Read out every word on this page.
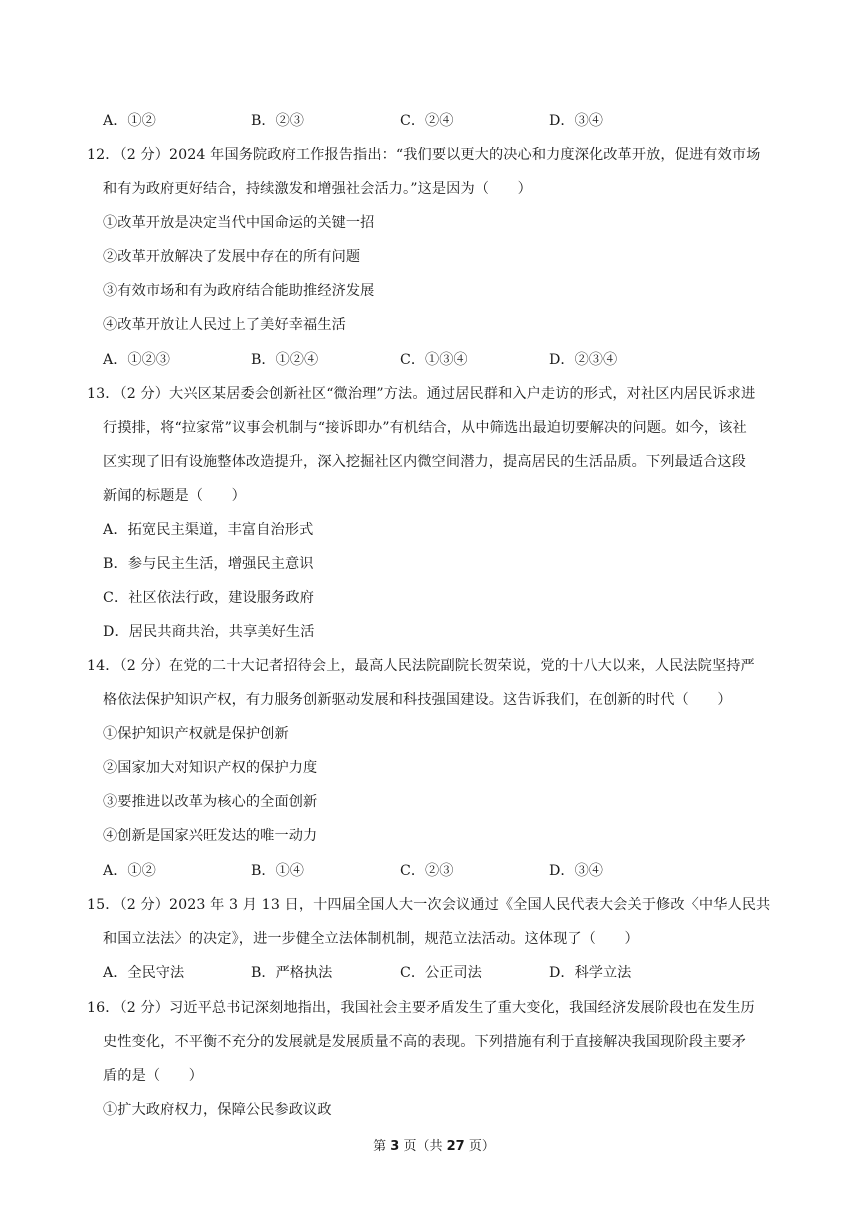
A．①②	B．②③	C．②④	D．③④
12．（2 分）2024 年国务院政府工作报告指出：“我们要以更大的决心和力度深化改革开放，促进有效市场
和有为政府更好结合，持续激发和增强社会活力。”这是因为（　　）
①改革开放是决定当代中国命运的关键一招
②改革开放解决了发展中存在的所有问题
③有效市场和有为政府结合能助推经济发展
④改革开放让人民过上了美好幸福生活
A．①②③	B．①②④	C．①③④	D．②③④
13．（2 分）大兴区某居委会创新社区“微治理”方法。通过居民群和入户走访的形式，对社区内居民诉求进
行摸排，将“拉家常”议事会机制与“接诉即办”有机结合，从中筛选出最迫切要解决的问题。如今，该社
区实现了旧有设施整体改造提升，深入挖掘社区内微空间潜力，提高居民的生活品质。下列最适合这段
新闻的标题是（　　）
A．拓宽民主渠道，丰富自治形式
B．参与民主生活，增强民主意识
C．社区依法行政，建设服务政府
D．居民共商共治，共享美好生活
14．（2 分）在党的二十大记者招待会上，最高人民法院副院长贺荣说，党的十八大以来，人民法院坚持严
格依法保护知识产权，有力服务创新驱动发展和科技强国建设。这告诉我们，在创新的时代（　　）
①保护知识产权就是保护创新
②国家加大对知识产权的保护力度
③要推进以改革为核心的全面创新
④创新是国家兴旺发达的唯一动力
A．①②	B．①④	C．②③	D．③④
15．（2 分）2023 年 3 月 13 日，十四届全国人大一次会议通过《全国人民代表大会关于修改〈中华人民共
和国立法法〉的决定》，进一步健全立法体制机制，规范立法活动。这体现了（　　）
A．全民守法	B．严格执法	C．公正司法	D．科学立法
16．（2 分）习近平总书记深刻地指出，我国社会主要矛盾发生了重大变化，我国经济发展阶段也在发生历
史性变化，不平衡不充分的发展就是发展质量不高的表现。下列措施有利于直接解决我国现阶段主要矛
盾的是（　　）
①扩大政府权力，保障公民参政议政
第 3 页（共 27 页）
